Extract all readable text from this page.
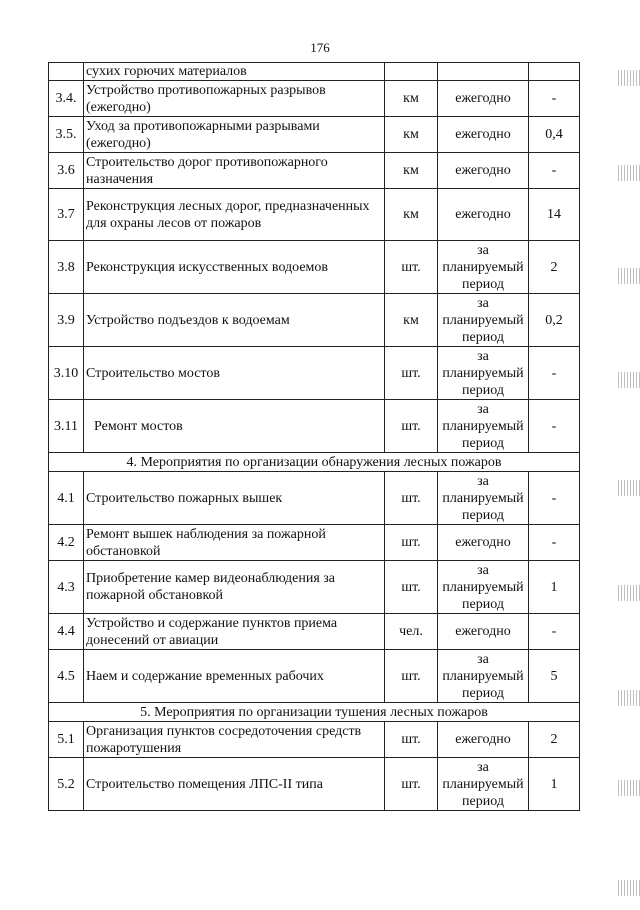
176
	сухих горючих материалов			
3.4.	Устройство противопожарных разрывов (ежегодно)	км	ежегодно	-
3.5.	Уход за противопожарными разрывами (ежегодно)	км	ежегодно	0,4
3.6	Строительство дорог противопожарного назначения	км	ежегодно	-
3.7	Реконструкция лесных дорог, предназначенных для охраны лесов от пожаров	км	ежегодно	14
3.8	Реконструкция искусственных водоемов	шт.	за планируемый период	2
3.9	Устройство подъездов к водоемам	км	за планируемый период	0,2
3.10	Строительство мостов	шт.	за планируемый период	-
3.11	Ремонт мостов	шт.	за планируемый период	-
4. Мероприятия по организации обнаружения лесных пожаров				
4.1	Строительство пожарных вышек	шт.	за планируемый период	-
4.2	Ремонт вышек наблюдения за пожарной обстановкой	шт.	ежегодно	-
4.3	Приобретение камер видеонаблюдения за пожарной обстановкой	шт.	за планируемый период	1
4.4	Устройство и содержание пунктов приема донесений от авиации	чел.	ежегодно	-
4.5	Наем и содержание временных рабочих	шт.	за планируемый период	5
5. Мероприятия по организации тушения лесных пожаров				
5.1	Организация пунктов сосредоточения средств пожаротушения	шт.	ежегодно	2
5.2	Строительство помещения ЛПС-II типа	шт.	за планируемый период	1
